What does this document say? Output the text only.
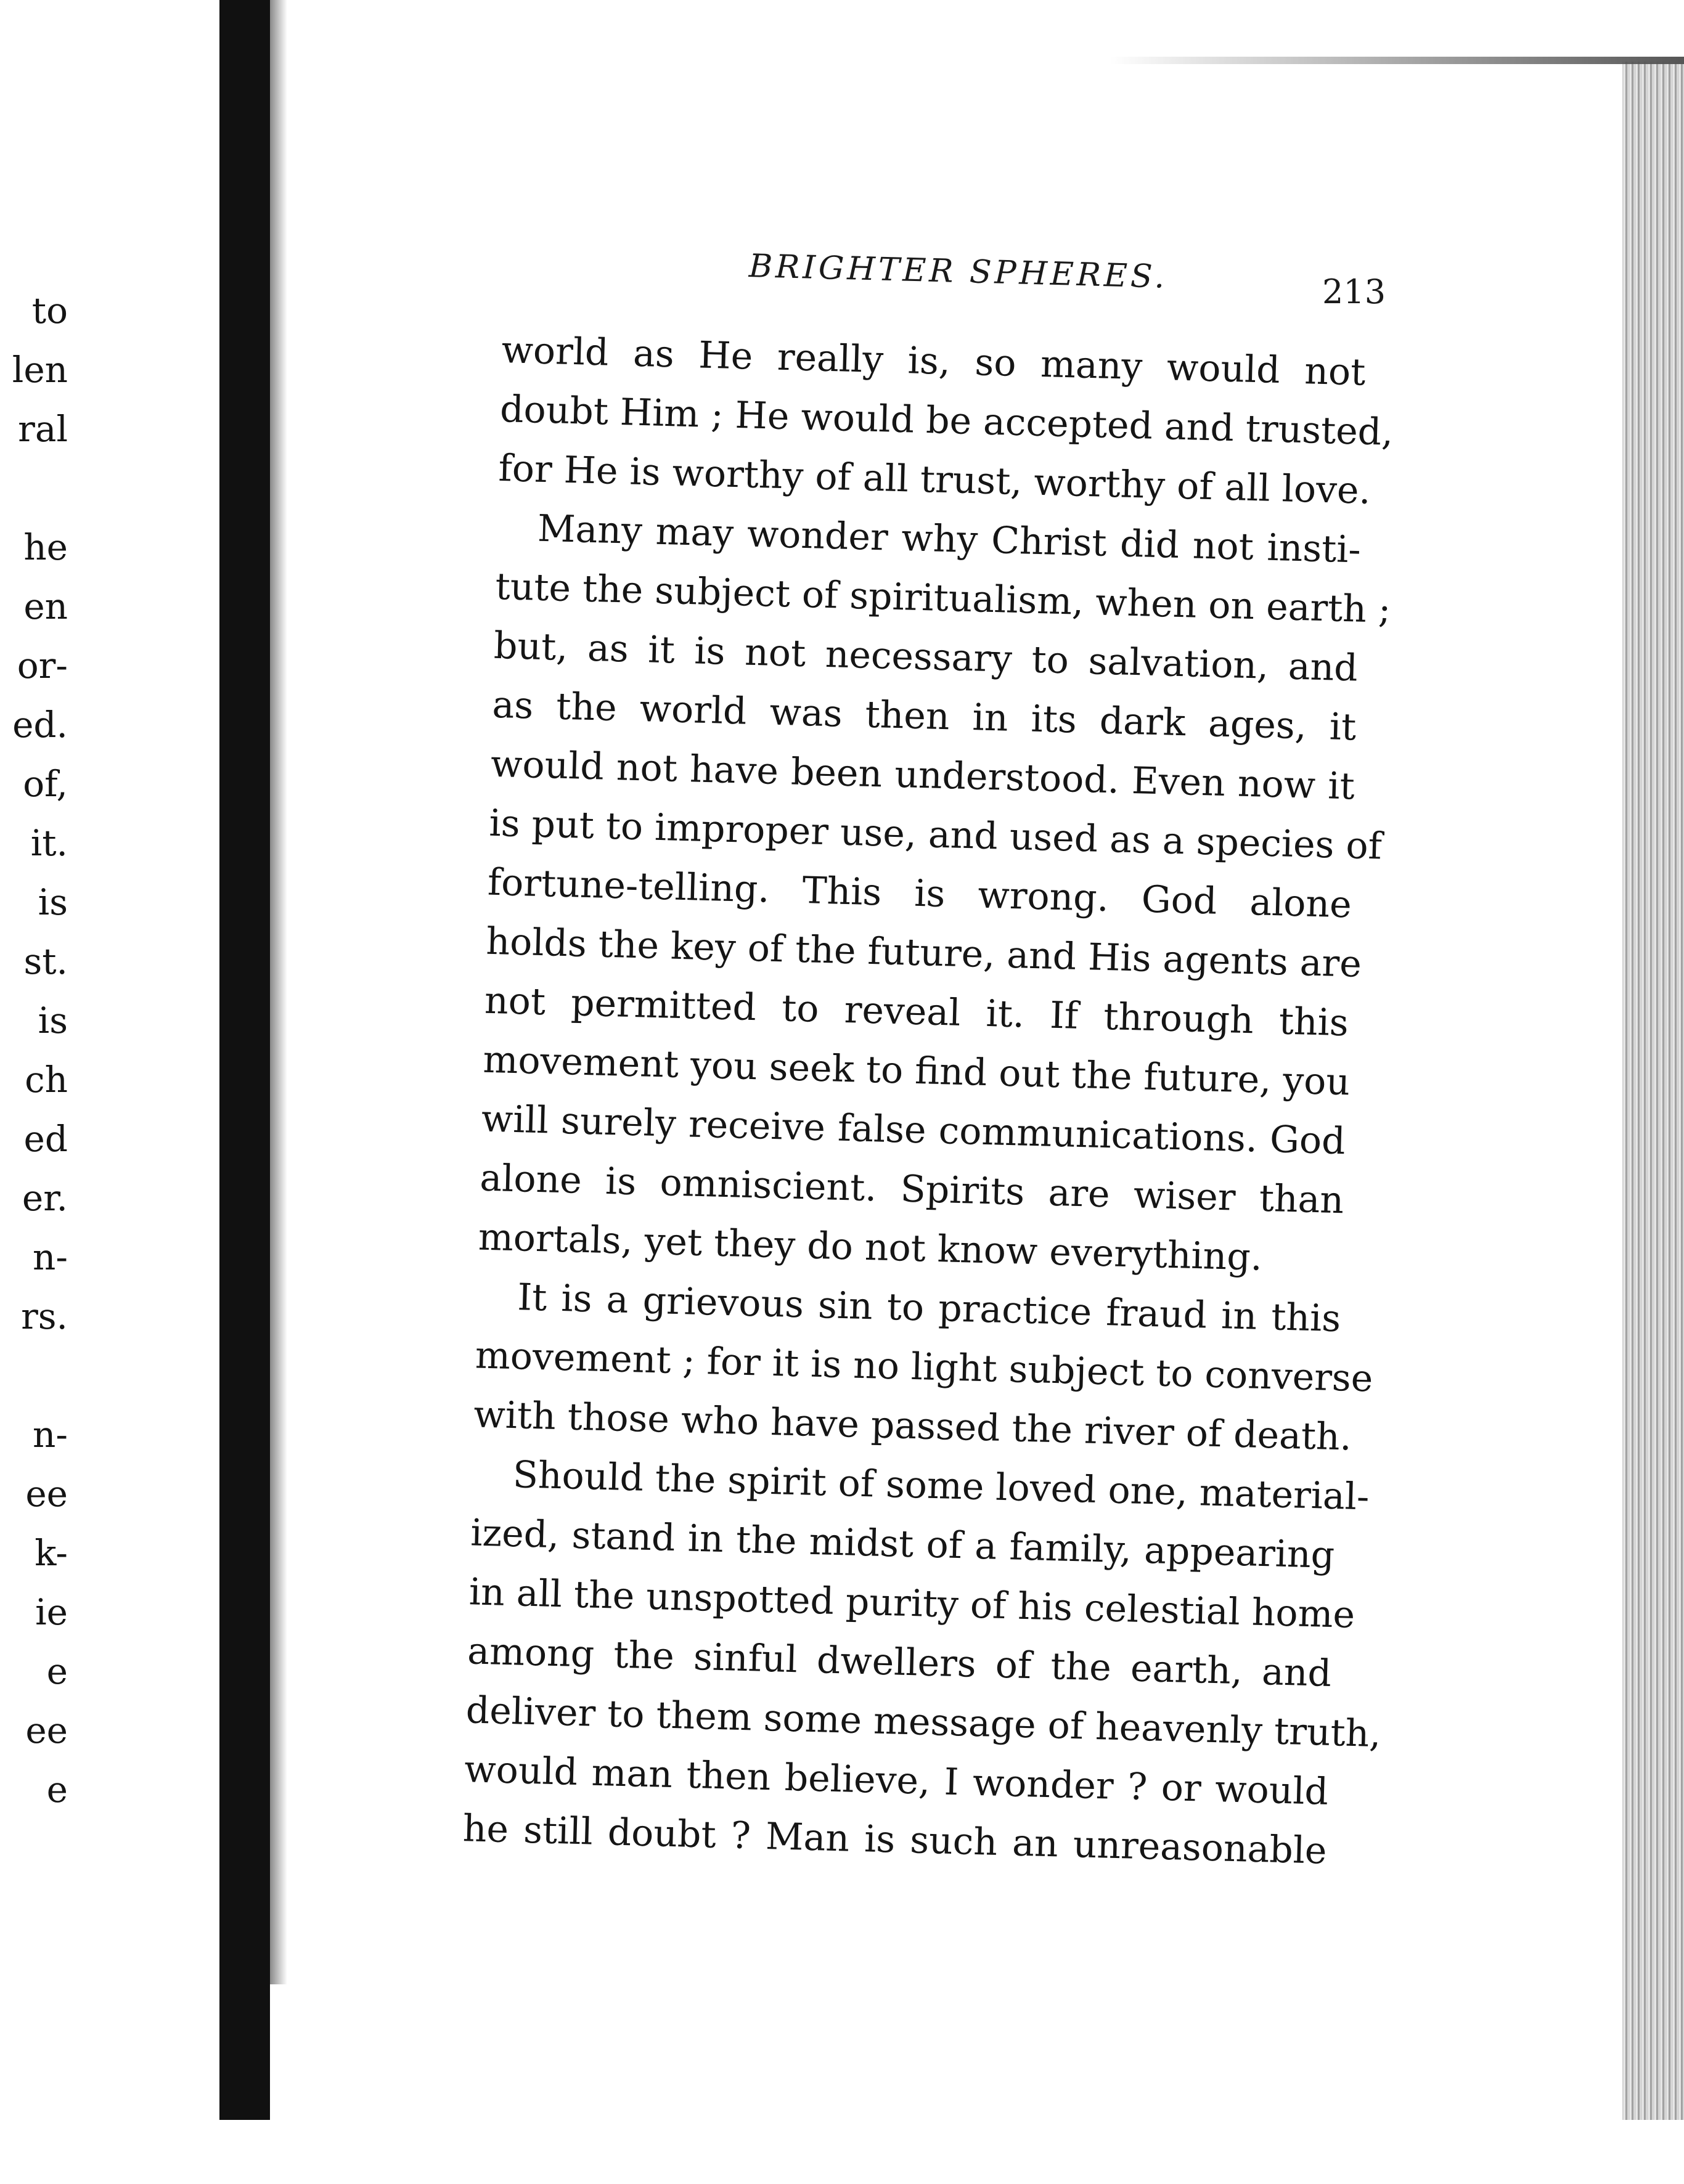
to
len
ral
he
en
or-
ed.
of,
it.
is
st.
is
ch
ed
er.
n-
rs.
n-
ee
k-
ie
e
ee
e
BRIGHTER SPHERES.	213
world as He really is, so many would not
doubt Him ; He would be accepted and trusted,
for He is worthy of all trust, worthy of all love.
Many may wonder why Christ did not insti-
tute the subject of spiritualism, when on earth ;
but, as it is not necessary to salvation, and
as the world was then in its dark ages, it
would not have been understood. Even now it
is put to improper use, and used as a species of
fortune-telling. This is wrong. God alone
holds the key of the future, and His agents are
not permitted to reveal it. If through this
movement you seek to find out the future, you
will surely receive false communications. God
alone is omniscient. Spirits are wiser than
mortals, yet they do not know everything.
It is a grievous sin to practice fraud in this
movement ; for it is no light subject to converse
with those who have passed the river of death.
Should the spirit of some loved one, material-
ized, stand in the midst of a family, appearing
in all the unspotted purity of his celestial home
among the sinful dwellers of the earth, and
deliver to them some message of heavenly truth,
would man then believe, I wonder ? or would
he still doubt ? Man is such an unreasonable
